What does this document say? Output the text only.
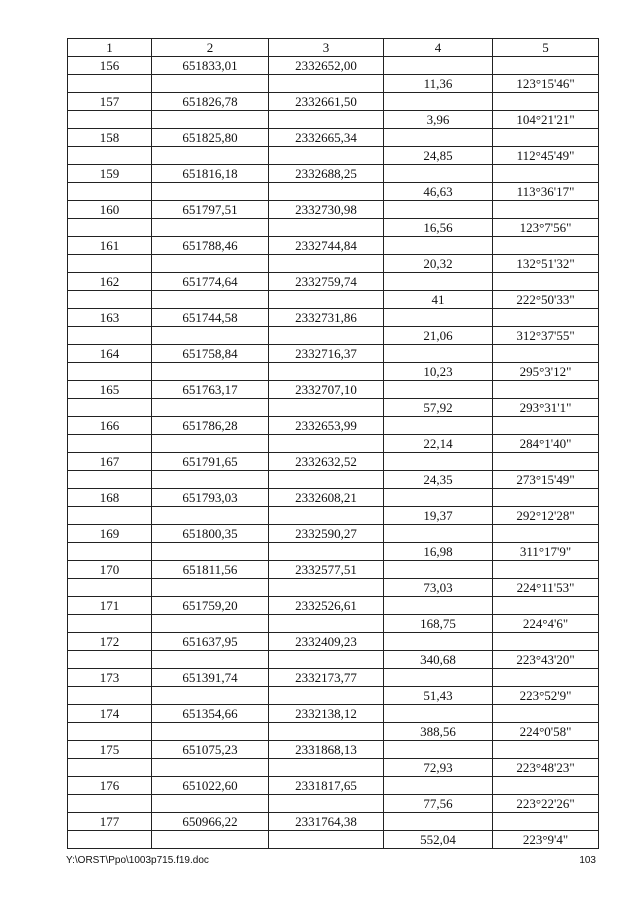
1	2	3	4	5
156	651833,01	2332652,00		
			11,36	123°15'46"
157	651826,78	2332661,50		
			3,96	104°21'21"
158	651825,80	2332665,34		
			24,85	112°45'49"
159	651816,18	2332688,25		
			46,63	113°36'17"
160	651797,51	2332730,98		
			16,56	123°7'56"
161	651788,46	2332744,84		
			20,32	132°51'32"
162	651774,64	2332759,74		
			41	222°50'33"
163	651744,58	2332731,86		
			21,06	312°37'55"
164	651758,84	2332716,37		
			10,23	295°3'12"
165	651763,17	2332707,10		
			57,92	293°31'1"
166	651786,28	2332653,99		
			22,14	284°1'40"
167	651791,65	2332632,52		
			24,35	273°15'49"
168	651793,03	2332608,21		
			19,37	292°12'28"
169	651800,35	2332590,27		
			16,98	311°17'9"
170	651811,56	2332577,51		
			73,03	224°11'53"
171	651759,20	2332526,61		
			168,75	224°4'6"
172	651637,95	2332409,23		
			340,68	223°43'20"
173	651391,74	2332173,77		
			51,43	223°52'9"
174	651354,66	2332138,12		
			388,56	224°0'58"
175	651075,23	2331868,13		
			72,93	223°48'23"
176	651022,60	2331817,65		
			77,56	223°22'26"
177	650966,22	2331764,38		
			552,04	223°9'4"
Y:\ORST\Ppo\1003p715.f19.doc	103
